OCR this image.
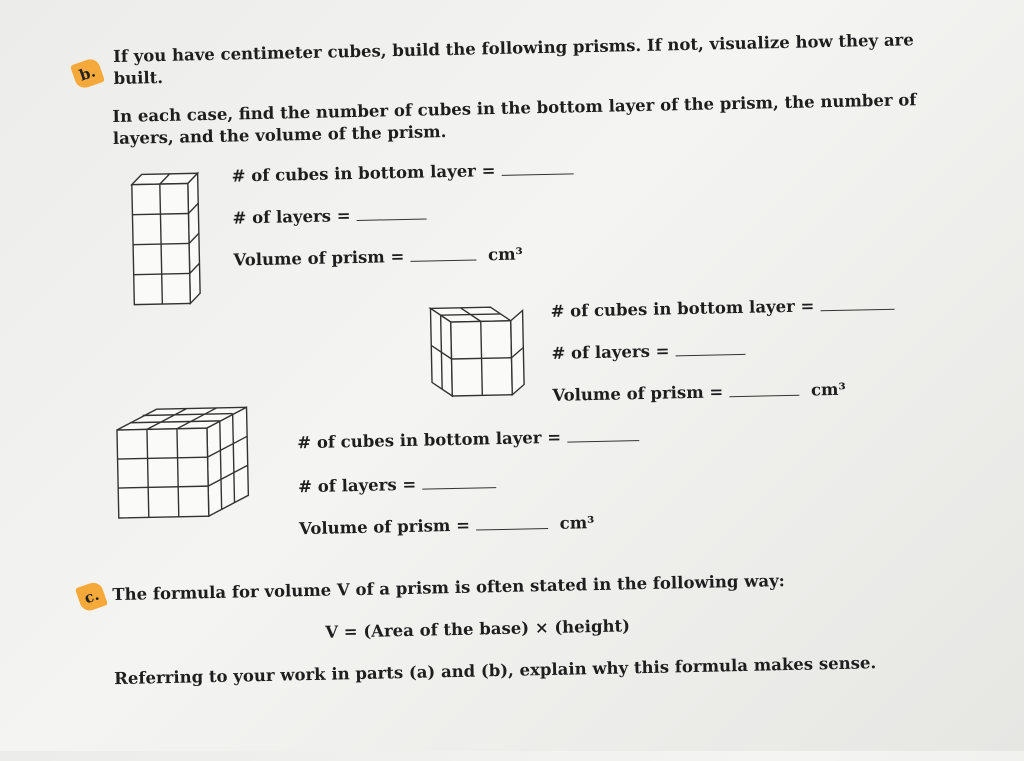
b.
If you have centimeter cubes, build the following prisms. If not, visualize how they are
built.
In each case, find the number of cubes in the bottom layer of the prism, the number of
layers, and the volume of the prism.
# of cubes in bottom layer =
# of layers =
Volume of prism =	cm³
# of cubes in bottom layer =
# of layers =
Volume of prism =	cm³
# of cubes in bottom layer =
# of layers =
Volume of prism =	cm³
c. The formula for volume V of a prism is often stated in the following way:
V = (Area of the base) × (height)
Referring to your work in parts (a) and (b), explain why this formula makes sense.
